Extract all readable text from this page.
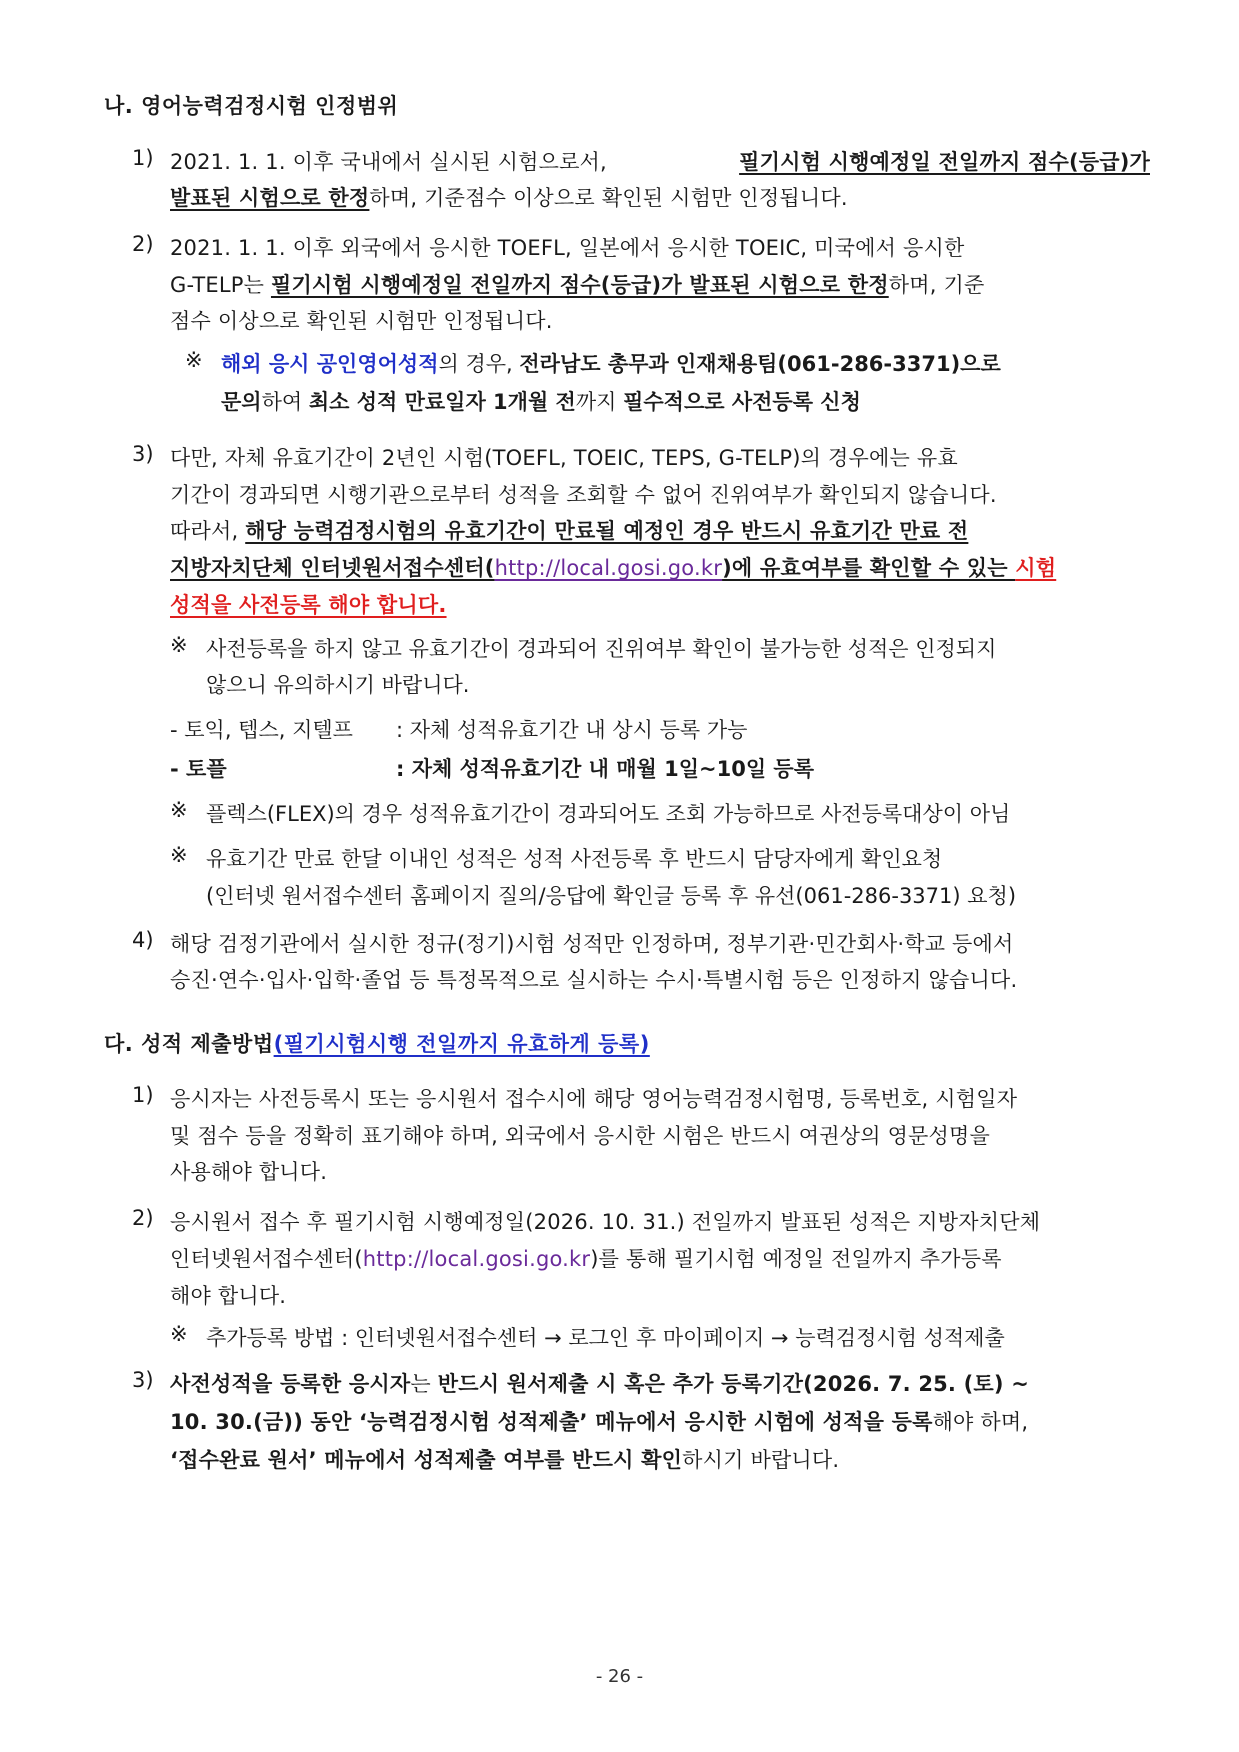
나. 영어능력검정시험 인정범위
1) 2021. 1. 1. 이후 국내에서 실시된 시험으로서,	필기시험 시행예정일 전일까지 점수(등급)가
발표된 시험으로 한정하며, 기준점수 이상으로 확인된 시험만 인정됩니다.
2) 2021. 1. 1. 이후 외국에서 응시한 TOEFL, 일본에서 응시한 TOEIC, 미국에서 응시한
G-TELP는 필기시험 시행예정일 전일까지 점수(등급)가 발표된 시험으로 한정하며, 기준
점수 이상으로 확인된 시험만 인정됩니다.
※ 해외 응시 공인영어성적의 경우, 전라남도 총무과 인재채용팀(061-286-3371)으로
문의하여 최소 성적 만료일자 1개월 전까지 필수적으로 사전등록 신청
3) 다만, 자체 유효기간이 2년인 시험(TOEFL, TOEIC, TEPS, G-TELP)의 경우에는 유효
기간이 경과되면 시행기관으로부터 성적을 조회할 수 없어 진위여부가 확인되지 않습니다.
따라서, 해당 능력검정시험의 유효기간이 만료될 예정인 경우 반드시 유효기간 만료 전
지방자치단체 인터넷원서접수센터(http://local.gosi.go.kr)에 유효여부를 확인할 수 있는 시험
성적을 사전등록 해야 합니다.
※ 사전등록을 하지 않고 유효기간이 경과되어 진위여부 확인이 불가능한 성적은 인정되지
않으니 유의하시기 바랍니다.
- 토익, 텝스, 지텔프 : 자체 성적유효기간 내 상시 등록 가능
- 토플	: 자체 성적유효기간 내 매월 1일~10일 등록
※ 플렉스(FLEX)의 경우 성적유효기간이 경과되어도 조회 가능하므로 사전등록대상이 아님
※ 유효기간 만료 한달 이내인 성적은 성적 사전등록 후 반드시 담당자에게 확인요청
(인터넷 원서접수센터 홈페이지 질의/응답에 확인글 등록 후 유선(061-286-3371) 요청)
4) 해당 검정기관에서 실시한 정규(정기)시험 성적만 인정하며, 정부기관·민간회사·학교 등에서
승진·연수·입사·입학·졸업 등 특정목적으로 실시하는 수시·특별시험 등은 인정하지 않습니다.
다. 성적 제출방법(필기시험시행 전일까지 유효하게 등록)
1) 응시자는 사전등록시 또는 응시원서 접수시에 해당 영어능력검정시험명, 등록번호, 시험일자
및 점수 등을 정확히 표기해야 하며, 외국에서 응시한 시험은 반드시 여권상의 영문성명을
사용해야 합니다.
2) 응시원서 접수 후 필기시험 시행예정일(2026. 10. 31.) 전일까지 발표된 성적은 지방자치단체
인터넷원서접수센터(http://local.gosi.go.kr)를 통해 필기시험 예정일 전일까지 추가등록
해야 합니다.
※ 추가등록 방법 : 인터넷원서접수센터 → 로그인 후 마이페이지 → 능력검정시험 성적제출
3) 사전성적을 등록한 응시자는 반드시 원서제출 시 혹은 추가 등록기간(2026. 7. 25. (토) ~
10. 30.(금)) 동안 ‘능력검정시험 성적제출’ 메뉴에서 응시한 시험에 성적을 등록해야 하며,
‘접수완료 원서’ 메뉴에서 성적제출 여부를 반드시 확인하시기 바랍니다.
- 26 -
